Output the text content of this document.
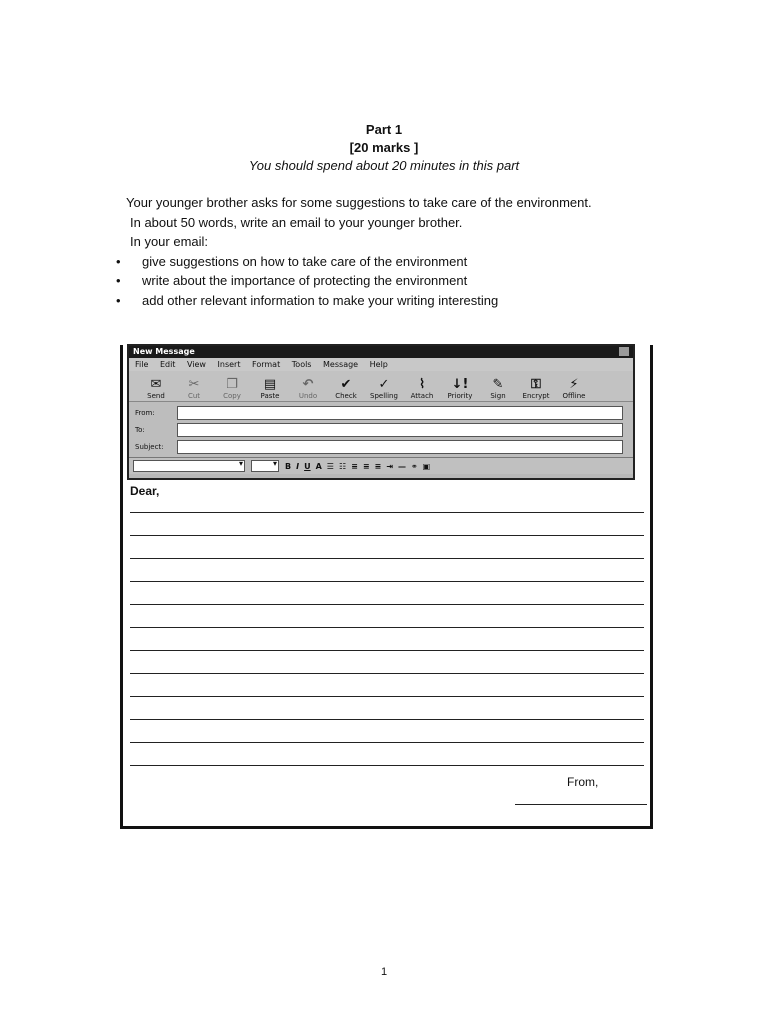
Part 1
[20 marks ]
You should spend about 20 minutes in this part

Your younger brother asks for some suggestions to take care of the environment.

In about 50 words, write an email to your younger brother.

In your email:

• give suggestions on how to take care of the environment
• write about the importance of protecting the environment
• add other relevant information to make your writing interesting
New Message
File Edit View Insert Format Tools Message Help
✉
Send
✂
Cut
❐
Copy
▤
Paste
↶
Undo
✔
Check
✓
Spelling
⌇
Attach
↓!
Priority
✎
Sign
⚿
Encrypt
⚡
Offline
From:
To:
Subject:
▾
▾
B I U A ☰ ☷ ≡ ≡ ≡ ⇥ — ⚭ ▣
Dear,
From,
1
